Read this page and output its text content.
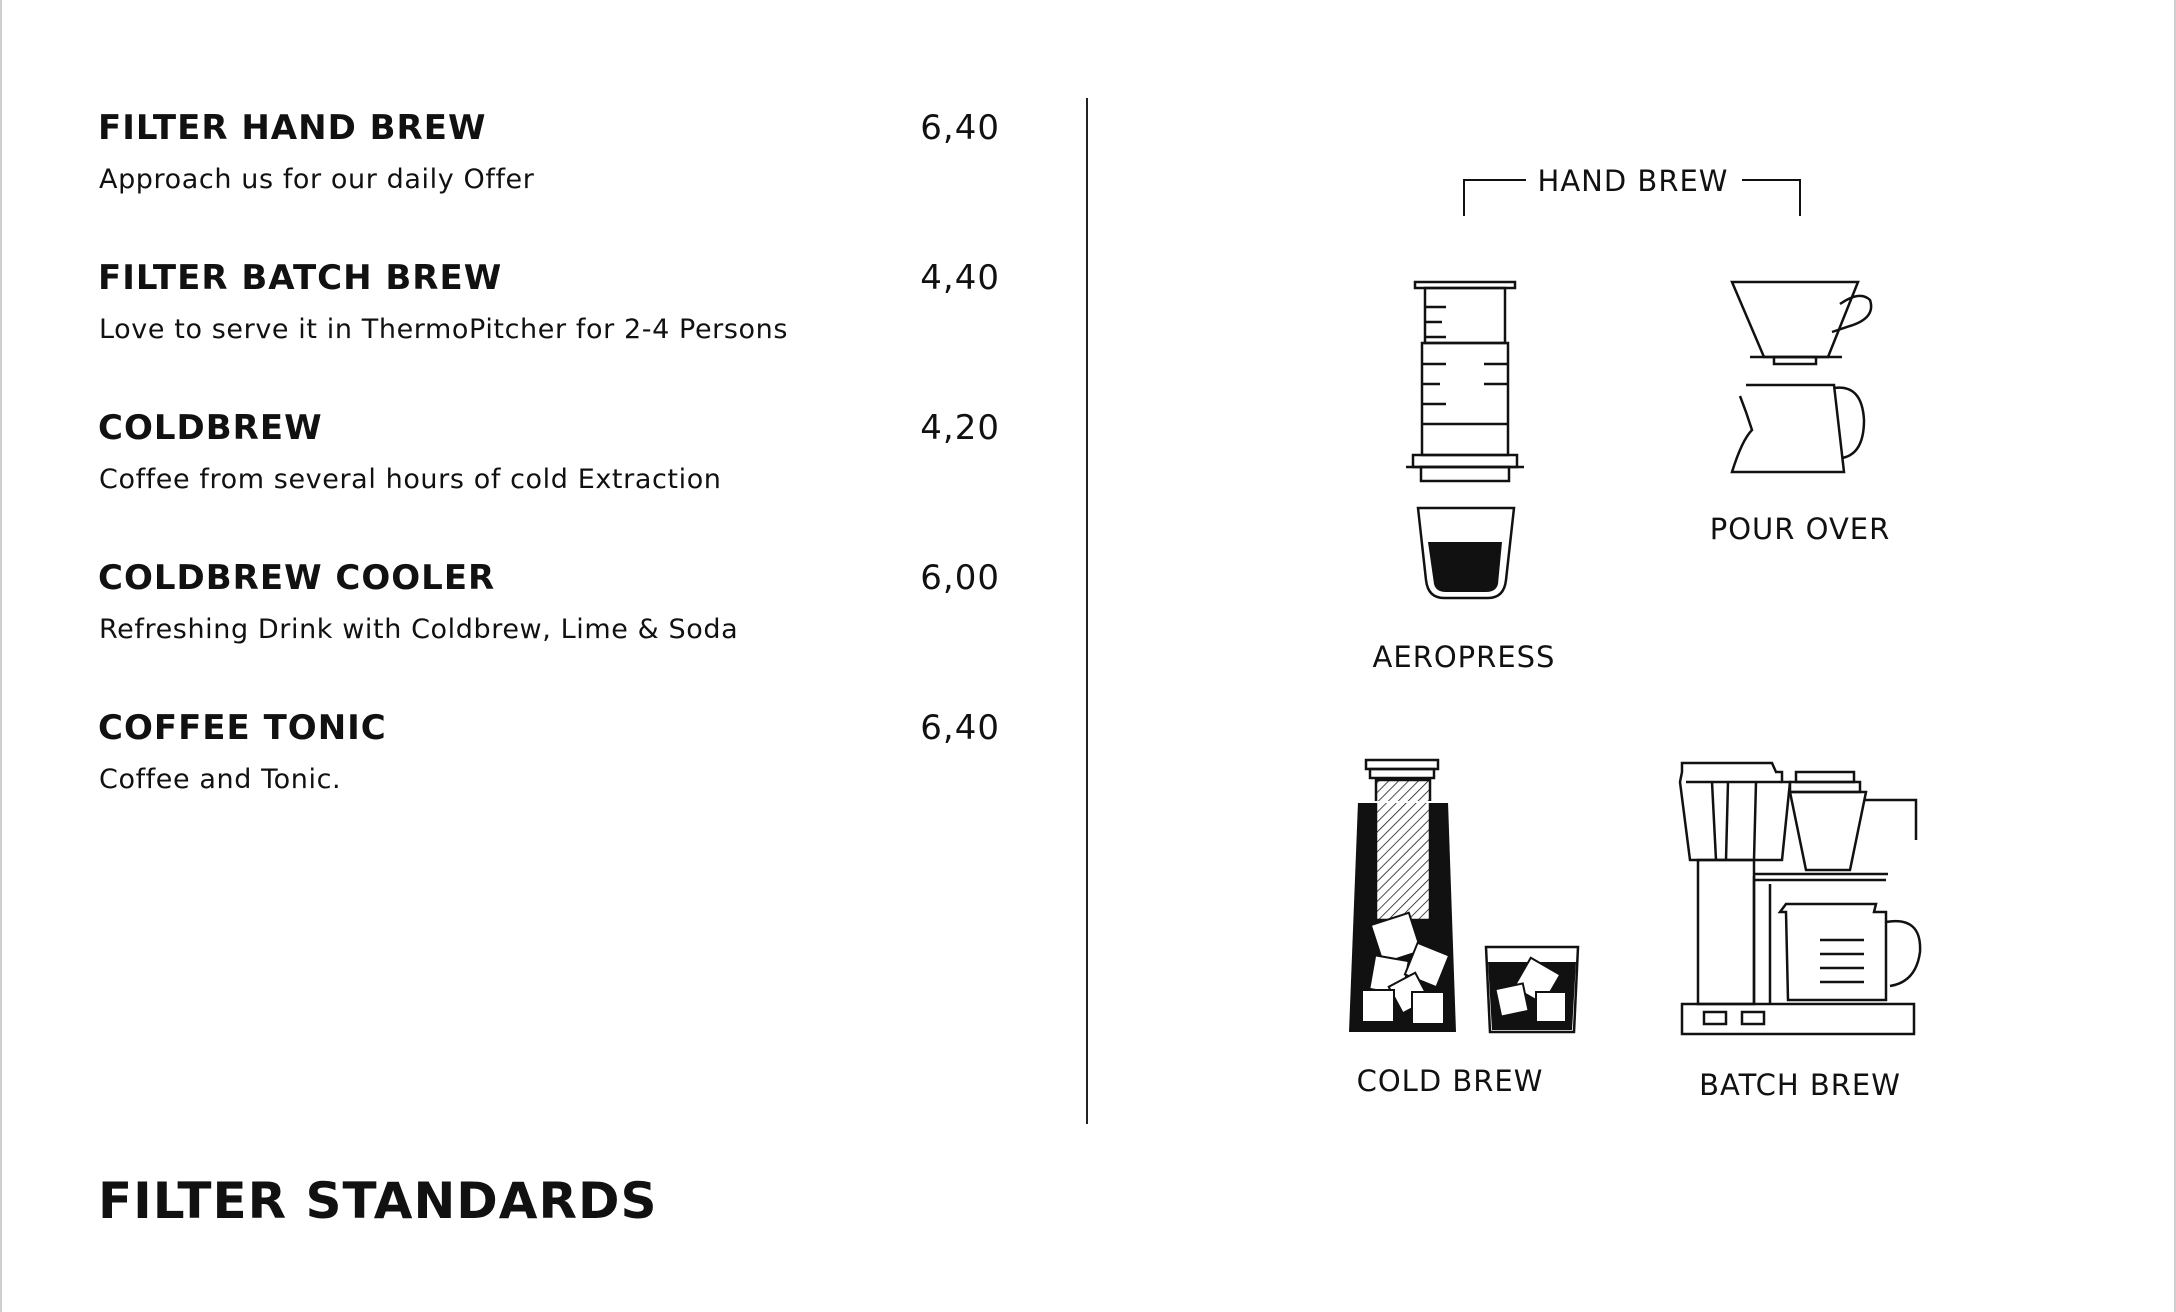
FILTER HAND BREW	6,40
Approach us for our daily Offer
FILTER BATCH BREW	4,40
Love to serve it in ThermoPitcher for 2-4 Persons
COLDBREW	4,20
Coffee from several hours of cold Extraction
COLDBREW COOLER	6,00
Refreshing Drink with Coldbrew, Lime & Soda
COFFEE TONIC	6,40
Coffee and Tonic.
FILTER STANDARDS
HAND BREW
AEROPRESS
POUR OVER
COLD BREW	BATCH BREW
